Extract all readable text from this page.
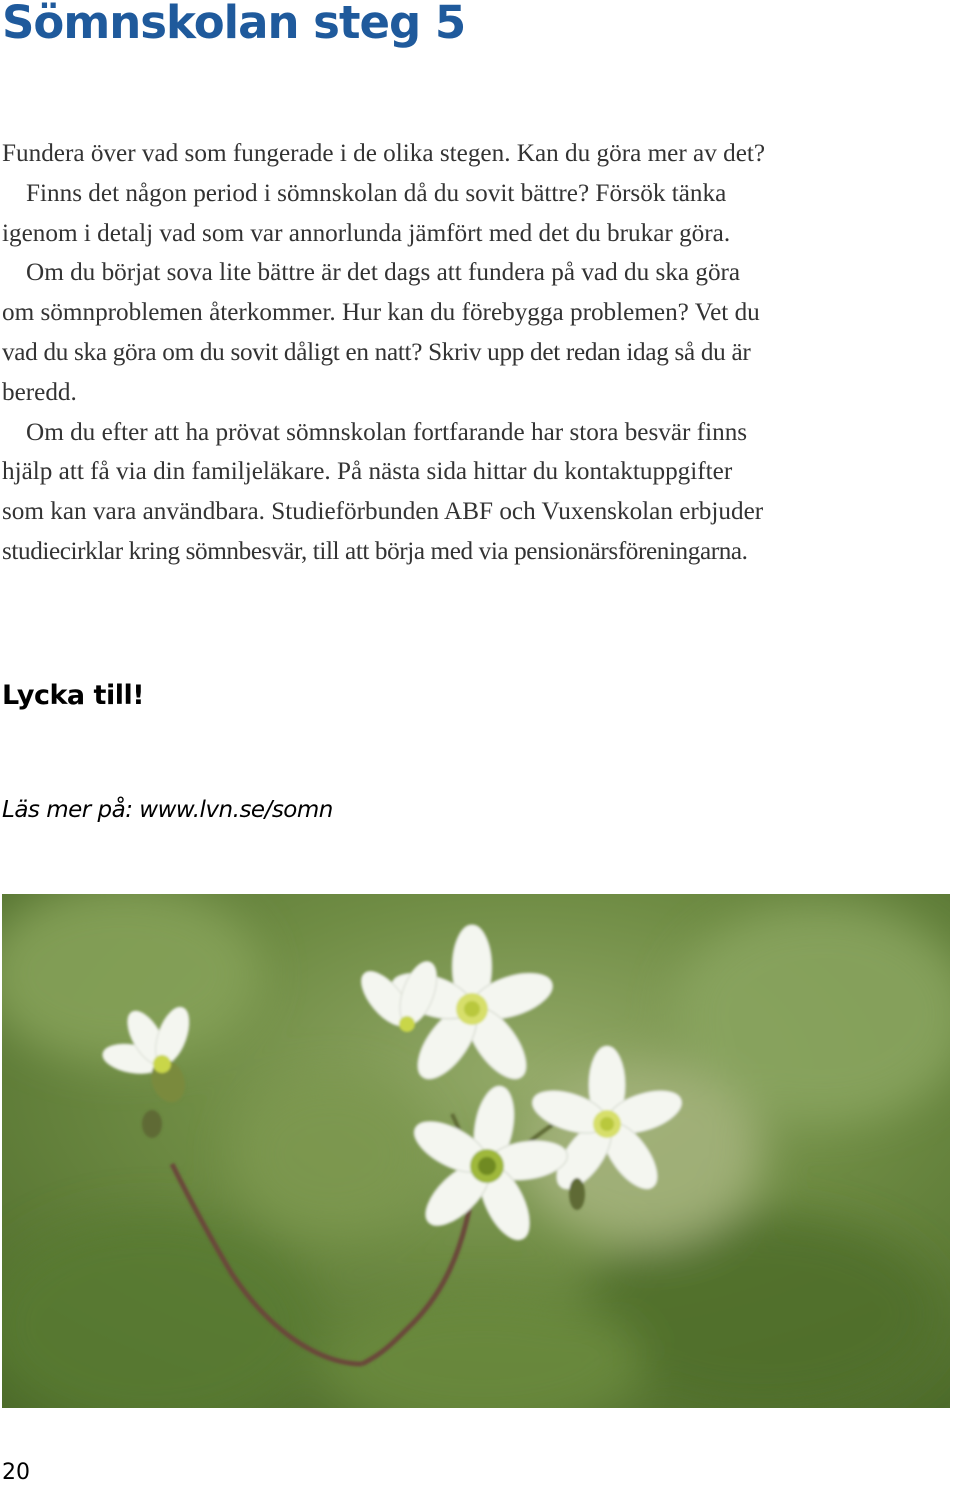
Sömnskolan steg 5

Fundera över vad som fungerade i de olika stegen. Kan du göra mer av det?

Finns det någon period i sömnskolan då du sovit bättre? Försök tänka

igenom i detalj vad som var annorlunda jämfört med det du brukar göra.

Om du börjat sova lite bättre är det dags att fundera på vad du ska göra

om sömnproblemen återkommer. Hur kan du förebygga problemen? Vet du

vad du ska göra om du sovit dåligt en natt? Skriv upp det redan idag så du är

beredd.

Om du efter att ha prövat sömnskolan fortfarande har stora besvär finns

hjälp att få via din familjeläkare. På nästa sida hittar du kontaktuppgifter

som kan vara användbara. Studieförbunden ABF och Vuxenskolan erbjuder

studiecirklar kring sömnbesvär, till att börja med via pensionärsföreningarna.

Lycka till!

Läs mer på: www.lvn.se/somn

20
